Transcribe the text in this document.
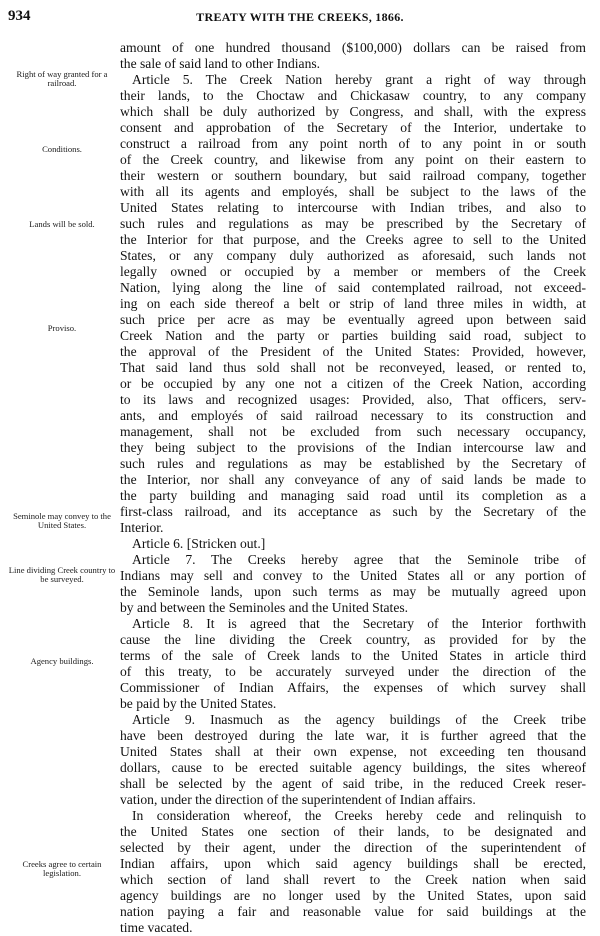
934	TREATY WITH THE CREEKS, 1866.
Right of way granted for a railroad.
Conditions.
Lands will be sold.
Proviso.
Seminole may convey to the United States.
Line dividing Creek country to be surveyed.
Agency buildings.
Creeks agree to certain legislation.
amount of one hundred thousand ($100,000) dollars can be raised from
the sale of said land to other Indians.
Article 5. The Creek Nation hereby grant a right of way through
their lands, to the Choctaw and Chickasaw country, to any company
which shall be duly authorized by Congress, and shall, with the express
consent and approbation of the Secretary of the Interior, undertake to
construct a railroad from any point north of to any point in or south
of the Creek country, and likewise from any point on their eastern to
their western or southern boundary, but said railroad company, together
with all its agents and employés, shall be subject to the laws of the
United States relating to intercourse with Indian tribes, and also to
such rules and regulations as may be prescribed by the Secretary of
the Interior for that purpose, and the Creeks agree to sell to the United
States, or any company duly authorized as aforesaid, such lands not
legally owned or occupied by a member or members of the Creek
Nation, lying along the line of said contemplated railroad, not exceed-
ing on each side thereof a belt or strip of land three miles in width, at
such price per acre as may be eventually agreed upon between said
Creek Nation and the party or parties building said road, subject to
the approval of the President of the United States: Provided, however,
That said land thus sold shall not be reconveyed, leased, or rented to,
or be occupied by any one not a citizen of the Creek Nation, according
to its laws and recognized usages: Provided, also, That officers, serv-
ants, and employés of said railroad necessary to its construction and
management, shall not be excluded from such necessary occupancy,
they being subject to the provisions of the Indian intercourse law and
such rules and regulations as may be established by the Secretary of
the Interior, nor shall any conveyance of any of said lands be made to
the party building and managing said road until its completion as a
first-class railroad, and its acceptance as such by the Secretary of the
Interior.
Article 6. [Stricken out.]
Article 7. The Creeks hereby agree that the Seminole tribe of
Indians may sell and convey to the United States all or any portion of
the Seminole lands, upon such terms as may be mutually agreed upon
by and between the Seminoles and the United States.
Article 8. It is agreed that the Secretary of the Interior forthwith
cause the line dividing the Creek country, as provided for by the
terms of the sale of Creek lands to the United States in article third
of this treaty, to be accurately surveyed under the direction of the
Commissioner of Indian Affairs, the expenses of which survey shall
be paid by the United States.
Article 9. Inasmuch as the agency buildings of the Creek tribe
have been destroyed during the late war, it is further agreed that the
United States shall at their own expense, not exceeding ten thousand
dollars, cause to be erected suitable agency buildings, the sites whereof
shall be selected by the agent of said tribe, in the reduced Creek reser-
vation, under the direction of the superintendent of Indian affairs.
In consideration whereof, the Creeks hereby cede and relinquish to
the United States one section of their lands, to be designated and
selected by their agent, under the direction of the superintendent of
Indian affairs, upon which said agency buildings shall be erected,
which section of land shall revert to the Creek nation when said
agency buildings are no longer used by the United States, upon said
nation paying a fair and reasonable value for said buildings at the
time vacated.
